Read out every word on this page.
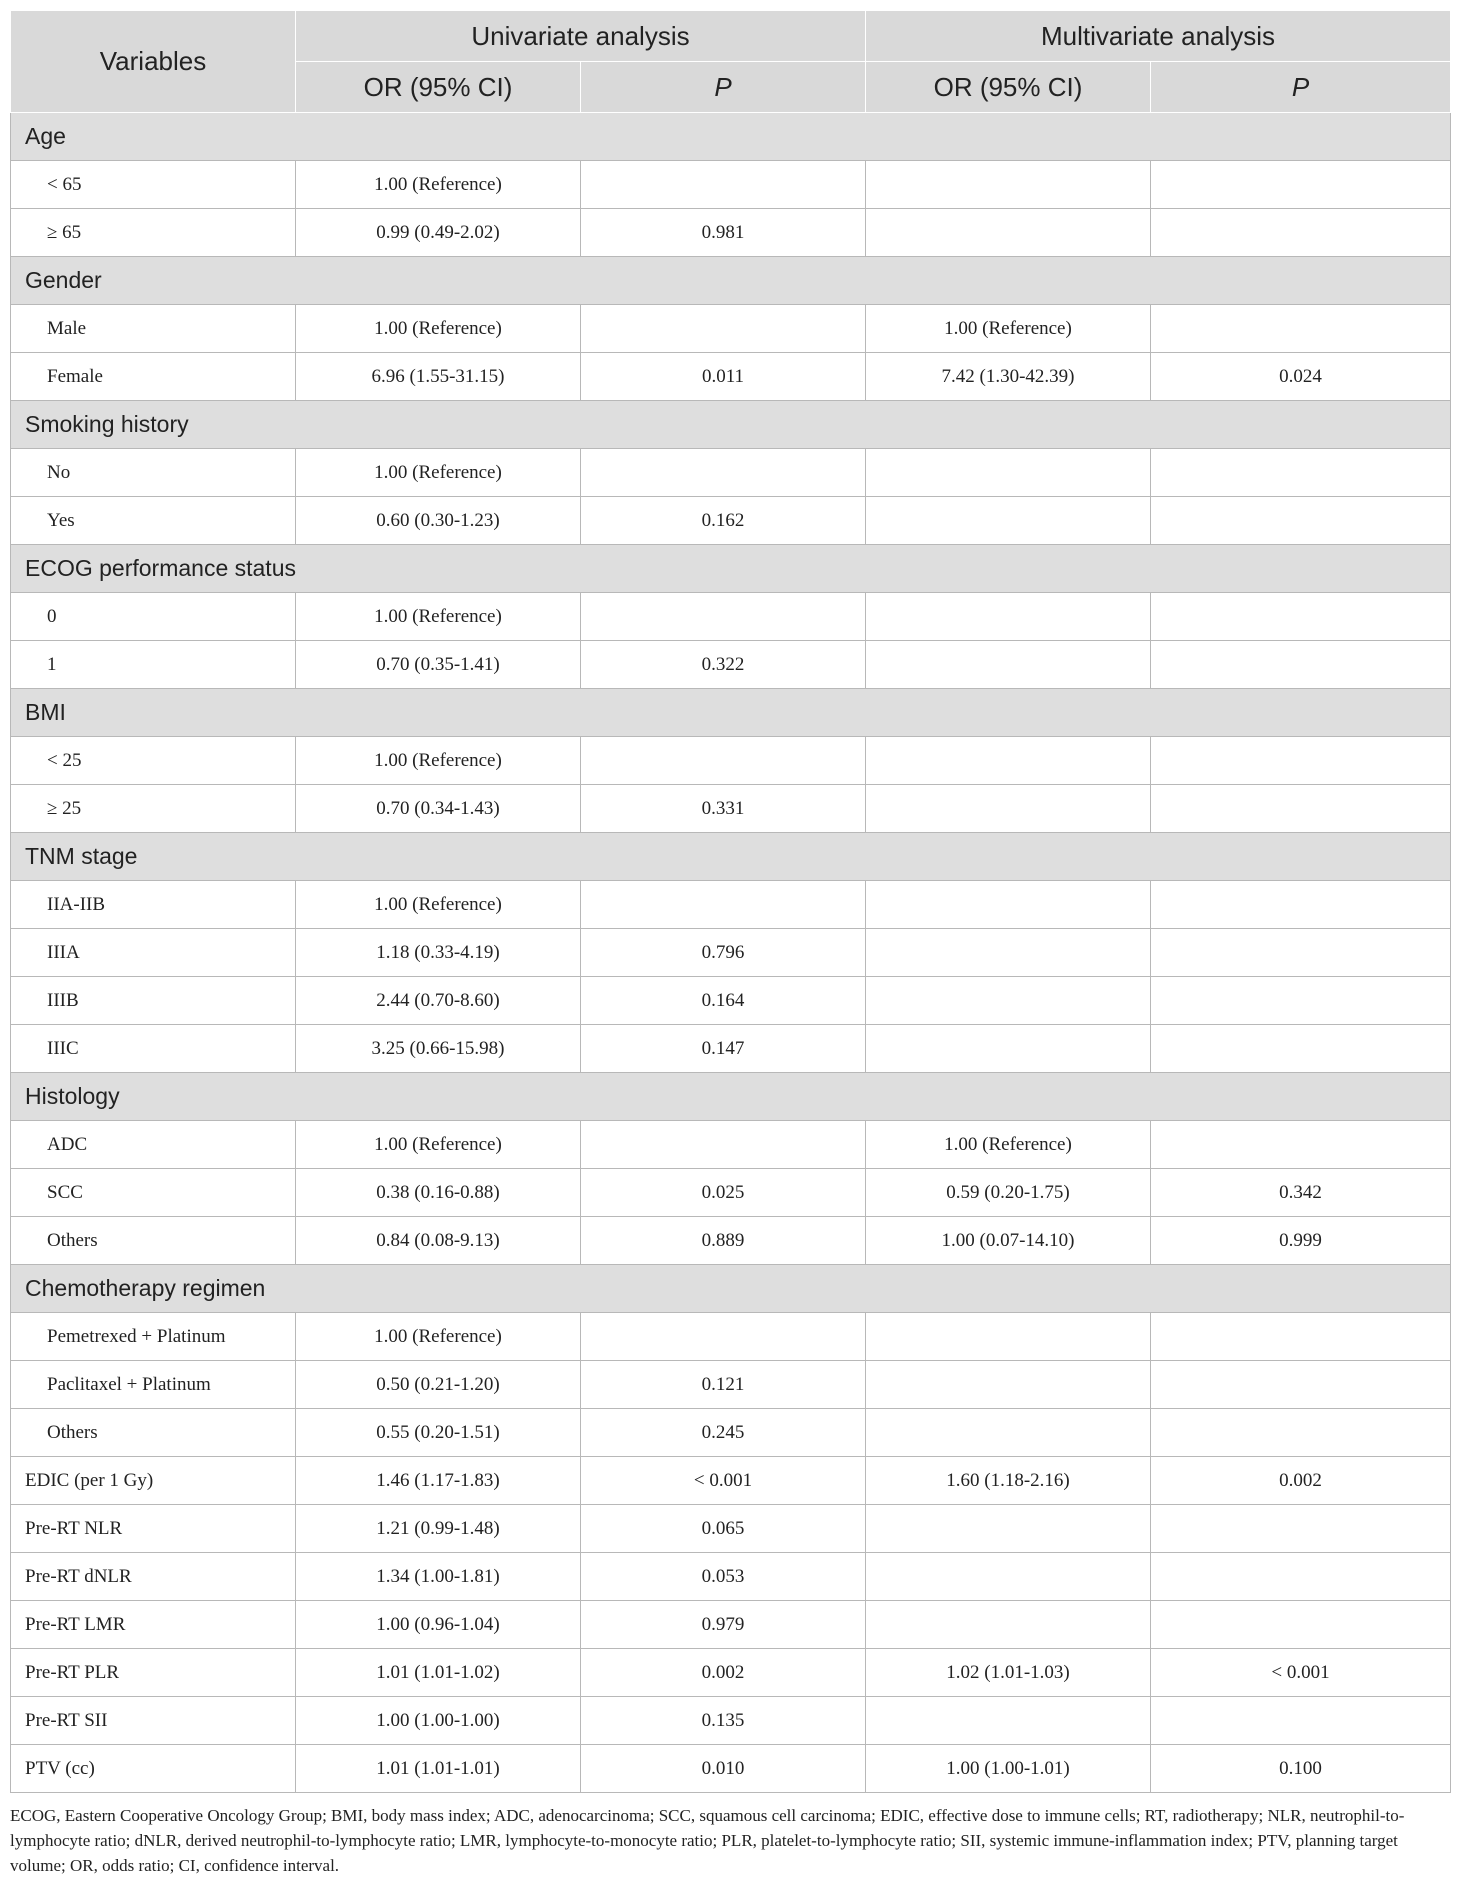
Variables	Univariate analysis		Multivariate analysis	
	OR (95% CI)	P	OR (95% CI)	P
Age				
< 65	1.00 (Reference)			
≥ 65	0.99 (0.49-2.02)	0.981		
Gender				
Male	1.00 (Reference)		1.00 (Reference)	
Female	6.96 (1.55-31.15)	0.011	7.42 (1.30-42.39)	0.024
Smoking history				
No	1.00 (Reference)			
Yes	0.60 (0.30-1.23)	0.162		
ECOG performance status				
0	1.00 (Reference)			
1	0.70 (0.35-1.41)	0.322		
BMI				
< 25	1.00 (Reference)			
≥ 25	0.70 (0.34-1.43)	0.331		
TNM stage				
IIA-IIB	1.00 (Reference)			
IIIA	1.18 (0.33-4.19)	0.796		
IIIB	2.44 (0.70-8.60)	0.164		
IIIC	3.25 (0.66-15.98)	0.147		
Histology				
ADC	1.00 (Reference)		1.00 (Reference)	
SCC	0.38 (0.16-0.88)	0.025	0.59 (0.20-1.75)	0.342
Others	0.84 (0.08-9.13)	0.889	1.00 (0.07-14.10)	0.999
Chemotherapy regimen				
Pemetrexed + Platinum	1.00 (Reference)			
Paclitaxel + Platinum	0.50 (0.21-1.20)	0.121		
Others	0.55 (0.20-1.51)	0.245		
EDIC (per 1 Gy)	1.46 (1.17-1.83)	< 0.001	1.60 (1.18-2.16)	0.002
Pre-RT NLR	1.21 (0.99-1.48)	0.065		
Pre-RT dNLR	1.34 (1.00-1.81)	0.053		
Pre-RT LMR	1.00 (0.96-1.04)	0.979		
Pre-RT PLR	1.01 (1.01-1.02)	0.002	1.02 (1.01-1.03)	< 0.001
Pre-RT SII	1.00 (1.00-1.00)	0.135		
PTV (cc)	1.01 (1.01-1.01)	0.010	1.00 (1.00-1.01)	0.100
ECOG, Eastern Cooperative Oncology Group; BMI, body mass index; ADC, adenocarcinoma; SCC, squamous cell carcinoma; EDIC, effective dose to immune cells; RT, radiotherapy; NLR, neutrophil-to-lymphocyte ratio; dNLR, derived neutrophil-to-lymphocyte ratio; LMR, lymphocyte-to-monocyte ratio; PLR, platelet-to-lymphocyte ratio; SII, systemic immune-inflammation index; PTV, planning target volume; OR, odds ratio; CI, confidence interval.
